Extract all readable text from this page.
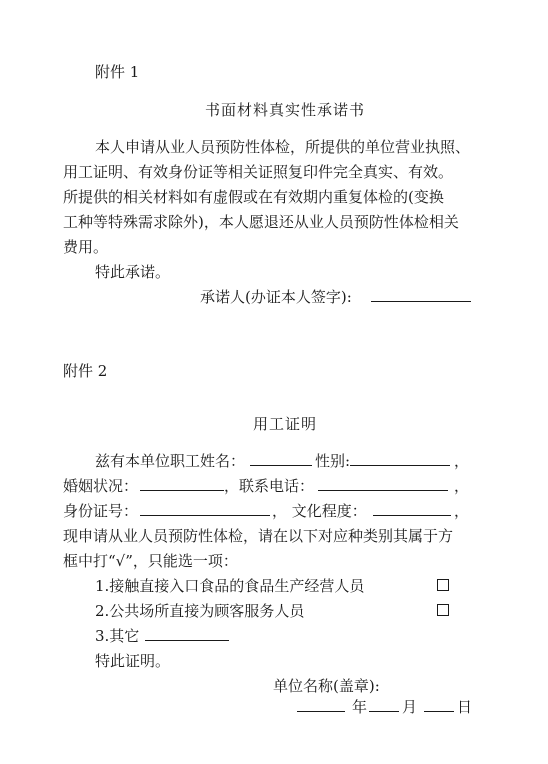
附件 1
书面材料真实性承诺书
本人申请从业人员预防性体检，所提供的单位营业执照、
用工证明、有效身份证等相关证照复印件完全真实、有效。
所提供的相关材料如有虚假或在有效期内重复体检的(变换
工种等特殊需求除外)，本人愿退还从业人员预防性体检相关
费用。
特此承诺。
承诺人(办证本人签字):
附件 2
用工证明
兹有本单位职工姓名：	性别:	，
婚姻状况：	，联系电话：	，
身份证号：	， 文化程度：	，
现申请从业人员预防性体检，请在以下对应种类别其属于方
框中打“√”，只能选一项：
1.接触直接入口食品的食品生产经营人员
2.公共场所直接为顾客服务人员
3.其它
特此证明。
单位名称(盖章):
年 月	日
